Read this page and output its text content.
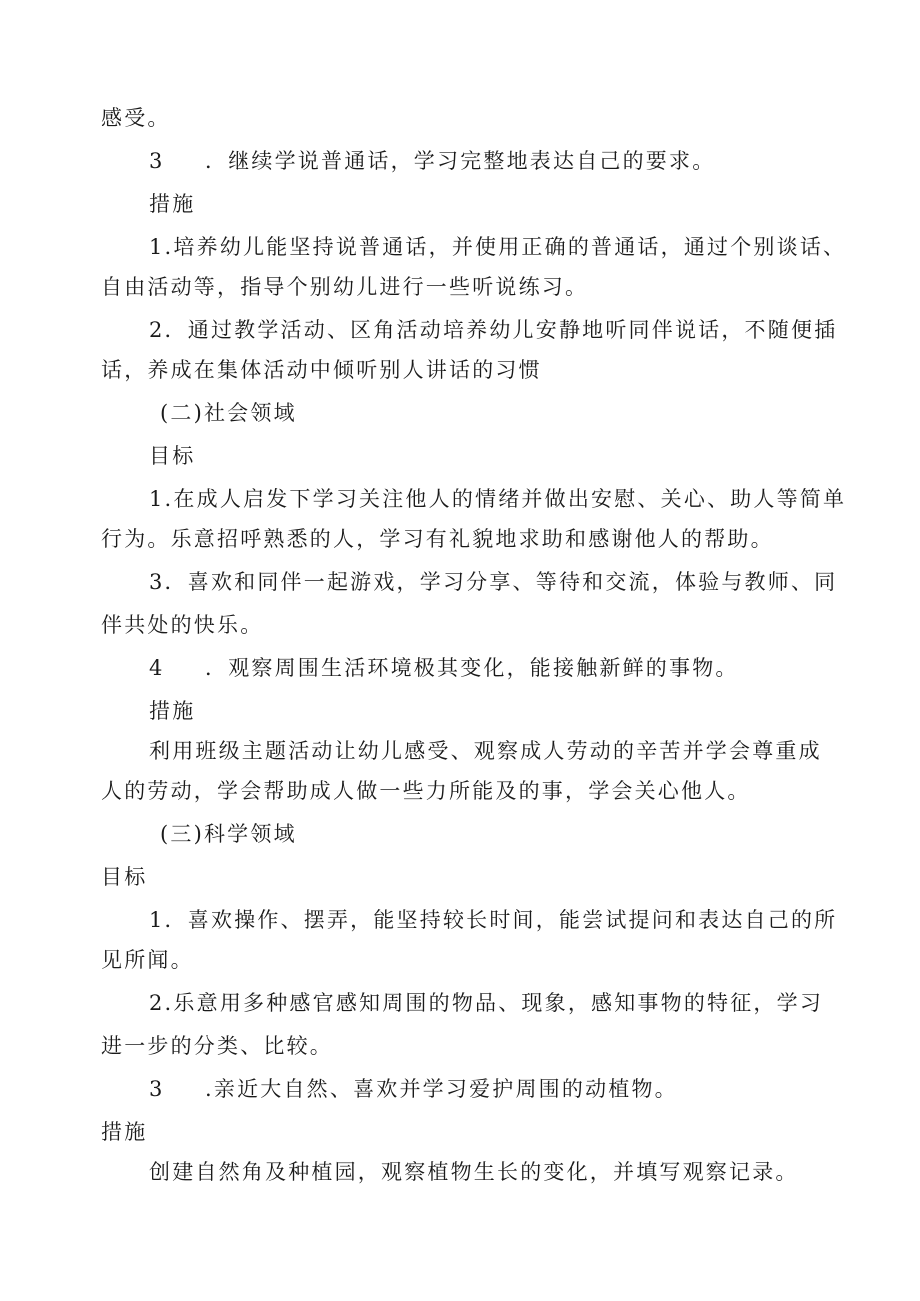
感受。
3 ．继续学说普通话，学习完整地表达自己的要求。
措施
1.培养幼儿能坚持说普通话，并使用正确的普通话，通过个别谈话、
自由活动等，指导个别幼儿进行一些听说练习。
2．通过教学活动、区角活动培养幼儿安静地听同伴说话，不随便插
话，养成在集体活动中倾听别人讲话的习惯
(二)社会领域
目标
1.在成人启发下学习关注他人的情绪并做出安慰、关心、助人等简单
行为。乐意招呼熟悉的人，学习有礼貌地求助和感谢他人的帮助。
3．喜欢和同伴一起游戏，学习分享、等待和交流，体验与教师、同
伴共处的快乐。
4 ．观察周围生活环境极其变化，能接触新鲜的事物。
措施
利用班级主题活动让幼儿感受、观察成人劳动的辛苦并学会尊重成
人的劳动，学会帮助成人做一些力所能及的事，学会关心他人。
(三)科学领域
目标
1．喜欢操作、摆弄，能坚持较长时间，能尝试提问和表达自己的所
见所闻。
2.乐意用多种感官感知周围的物品、现象，感知事物的特征，学习
进一步的分类、比较。
3 .亲近大自然、喜欢并学习爱护周围的动植物。
措施
创建自然角及种植园，观察植物生长的变化，并填写观察记录。
